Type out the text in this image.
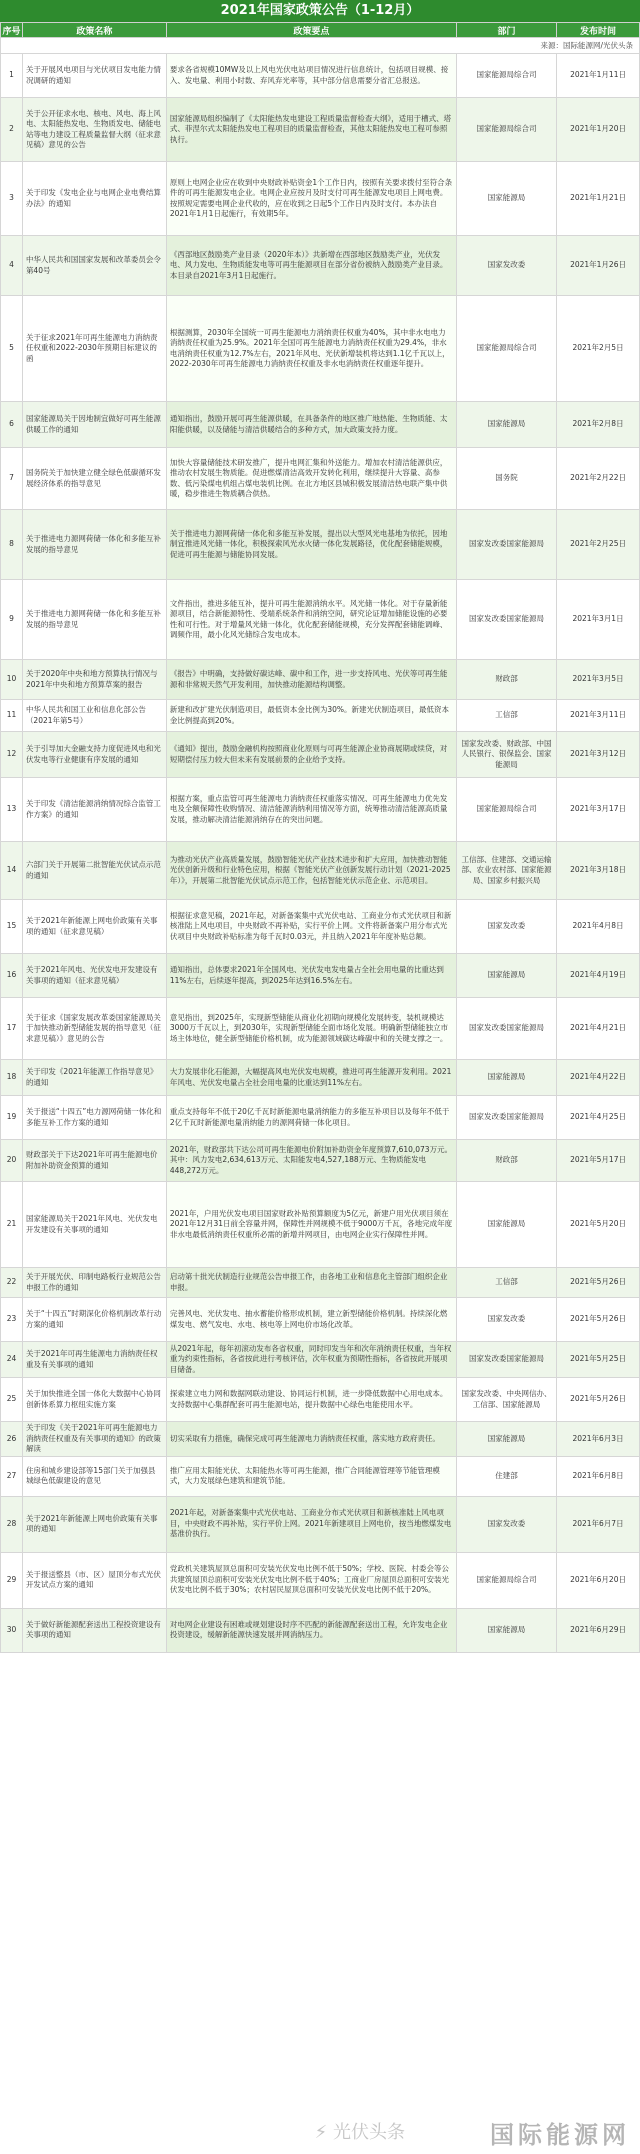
2021年国家政策公告（1-12月）
序号	政策名称	政策要点	部门	发布时间
来源：国际能源网/光伏头条				
1	关于开展风电项目与光伏项目发电能力情况调研的通知	要求各省规模10MW及以上风电光伏电站项目情况进行信息统计，包括项目规模、接入、发电量、利用小时数、弃风弃光率等，其中部分信息需要分省汇总报送。	国家能源局综合司	2021年1月11日
2	关于公开征求水电、核电、风电、海上风电、太阳能热发电、生物质发电、储能电站等电力建设工程质量监督大纲（征求意见稿）意见的公告	国家能源局组织编制了《太阳能热发电建设工程质量监督检查大纲》，适用于槽式、塔式、菲涅尔式太阳能热发电工程项目的质量监督检查，其他太阳能热发电工程可参照执行。	国家能源局综合司	2021年1月20日
3	关于印发《发电企业与电网企业电费结算办法》的通知	原则上电网企业应在收到中央财政补贴资金1个工作日内，按照有关要求拨付至符合条件的可再生能源发电企业。电网企业应按月及时支付可再生能源发电项目上网电费。按照规定需要电网企业代收的，应在收到之日起5个工作日内及时支付。本办法自2021年1月1日起施行，有效期5年。	国家能源局	2021年1月21日
4	中华人民共和国国家发展和改革委员会令第40号	《西部地区鼓励类产业目录（2020年本）》共新增在西部地区鼓励类产业，光伏发电、风力发电、生物质能发电等可再生能源项目在部分省份被纳入鼓励类产业目录。本目录自2021年3月1日起施行。	国家发改委	2021年1月26日
5	关于征求2021年可再生能源电力消纳责任权重和2022-2030年预期目标建议的函	根据测算，2030年全国统一可再生能源电力消纳责任权重为40%，其中非水电电力消纳责任权重为25.9%。2021年全国可再生能源电力消纳责任权重为29.4%，非水电消纳责任权重为12.7%左右，2021年风电、光伏新增装机将达到1.1亿千瓦以上，2022-2030年可再生能源电力消纳责任权重及非水电消纳责任权重逐年提升。	国家能源局综合司	2021年2月5日
6	国家能源局关于因地制宜做好可再生能源供暖工作的通知	通知指出，鼓励开展可再生能源供暖，在具备条件的地区推广地热能、生物质能、太阳能供暖，以及储能与清洁供暖结合的多种方式，加大政策支持力度。	国家能源局	2021年2月8日
7	国务院关于加快建立健全绿色低碳循环发展经济体系的指导意见	加快大容量储能技术研发推广，提升电网汇集和外送能力。增加农村清洁能源供应，推动农村发展生物质能。促进燃煤清洁高效开发转化利用，继续提升大容量、高参数、低污染煤电机组占煤电装机比例。在北方地区县城积极发展清洁热电联产集中供暖，稳步推进生物质耦合供热。	国务院	2021年2月22日
8	关于推进电力源网荷储一体化和多能互补发展的指导意见	关于推进电力源网荷储一体化和多能互补发展，提出以大型风光电基地为依托，因地制宜推进风光储一体化，积极探索风光水火储一体化发展路径，优化配套储能规模，促进可再生能源与储能协同发展。	国家发改委国家能源局	2021年2月25日
9	关于推进电力源网荷储一体化和多能互补发展的指导意见	文件指出，推进多能互补，提升可再生能源消纳水平。风光储一体化。对于存量新能源项目，结合新能源特性、受端系统条件和消纳空间，研究论证增加储能设施的必要性和可行性。对于增量风光储一体化，优化配套储能规模，充分发挥配套储能调峰、调频作用，最小化风光储综合发电成本。	国家发改委国家能源局	2021年3月1日
10	关于2020年中央和地方预算执行情况与2021年中央和地方预算草案的报告	《报告》中明确，支持做好碳达峰、碳中和工作，进一步支持风电、光伏等可再生能源和非常规天然气开发利用，加快推动能源结构调整。	财政部	2021年3月5日
11	中华人民共和国工业和信息化部公告（2021年第5号）	新建和改扩建光伏制造项目，最低资本金比例为30%。新建光伏制造项目，最低资本金比例提高到20%。	工信部	2021年3月11日
12	关于引导加大金融支持力度促进风电和光伏发电等行业健康有序发展的通知	《通知》提出，鼓励金融机构按照商业化原则与可再生能源企业协商展期或续贷，对短期偿付压力较大但未来有发展前景的企业给予支持。	国家发改委、财政部、中国人民银行、银保监会、国家能源局	2021年3月12日
13	关于印发《清洁能源消纳情况综合监管工作方案》的通知	根据方案，重点监管可再生能源电力消纳责任权重落实情况、可再生能源电力优先发电及全额保障性收购情况、清洁能源消纳利用情况等方面，统筹推动清洁能源高质量发展，推动解决清洁能源消纳存在的突出问题。	国家能源局综合司	2021年3月17日
14	六部门关于开展第二批智能光伏试点示范的通知	为推动光伏产业高质量发展，鼓励智能光伏产业技术进步和扩大应用，加快推动智能光伏创新升级和行业特色应用，根据《智能光伏产业创新发展行动计划（2021-2025年）》，开展第二批智能光伏试点示范工作，包括智能光伏示范企业、示范项目。	工信部、住建部、交通运输部、农业农村部、国家能源局、国家乡村振兴局	2021年3月18日
15	关于2021年新能源上网电价政策有关事项的通知（征求意见稿）	根据征求意见稿，2021年起，对新备案集中式光伏电站、工商业分布式光伏项目和新核准陆上风电项目，中央财政不再补贴，实行平价上网。文件将新备案户用分布式光伏项目中央财政补贴标准为每千瓦时0.03元，并且纳入2021年年度补贴总额。	国家发改委	2021年4月8日
16	关于2021年风电、光伏发电开发建设有关事项的通知（征求意见稿）	通知指出，总体要求2021年全国风电、光伏发电发电量占全社会用电量的比重达到11%左右，后续逐年提高，到2025年达到16.5%左右。	国家能源局	2021年4月19日
17	关于征求《国家发展改革委国家能源局关于加快推动新型储能发展的指导意见（征求意见稿）》意见的公告	意见指出，到2025年，实现新型储能从商业化初期向规模化发展转变，装机规模达3000万千瓦以上，到2030年，实现新型储能全面市场化发展。明确新型储能独立市场主体地位，健全新型储能价格机制，成为能源领域碳达峰碳中和的关键支撑之一。	国家发改委国家能源局	2021年4月21日
18	关于印发《2021年能源工作指导意见》的通知	大力发展非化石能源，大幅提高风电光伏发电规模，推进可再生能源开发利用。2021年风电、光伏发电量占全社会用电量的比重达到11%左右。	国家能源局	2021年4月22日
19	关于报送“十四五”电力源网荷储一体化和多能互补工作方案的通知	重点支持每年不低于20亿千瓦时新能源电量消纳能力的多能互补项目以及每年不低于2亿千瓦时新能源电量消纳能力的源网荷储一体化项目。	国家发改委国家能源局	2021年4月25日
20	财政部关于下达2021年可再生能源电价附加补助资金预算的通知	2021年，财政部共下达公司可再生能源电价附加补助资金年度预算7,610,073万元。其中：风力发电2,634,613万元、太阳能发电4,527,188万元、生物质能发电448,272万元。	财政部	2021年5月17日
21	国家能源局关于2021年风电、光伏发电开发建设有关事项的通知	2021年，户用光伏发电项目国家财政补贴预算额度为5亿元，新建户用光伏项目须在2021年12月31日前全容量并网，保障性并网规模不低于9000万千瓦，各地完成年度非水电最低消纳责任权重所必需的新增并网项目，由电网企业实行保障性并网。	国家能源局	2021年5月20日
22	关于开展光伏、印制电路板行业规范公告申报工作的通知	启动第十批光伏制造行业规范公告申报工作，由各地工业和信息化主管部门组织企业申报。	工信部	2021年5月26日
23	关于“十四五”时期深化价格机制改革行动方案的通知	完善风电、光伏发电、抽水蓄能价格形成机制，建立新型储能价格机制。持续深化燃煤发电、燃气发电、水电、核电等上网电价市场化改革。	国家发改委	2021年5月26日
24	关于2021年可再生能源电力消纳责任权重及有关事项的通知	从2021年起，每年初滚动发布各省权重，同时印发当年和次年消纳责任权重，当年权重为约束性指标，各省按此进行考核评估，次年权重为预期性指标，各省按此开展项目储备。	国家发改委国家能源局	2021年5月25日
25	关于加快推进全国一体化大数据中心协同创新体系算力枢纽实施方案	探索建立电力网和数据网联动建设、协同运行机制，进一步降低数据中心用电成本。支持数据中心集群配套可再生能源电站，提升数据中心绿色电能使用水平。	国家发改委、中央网信办、工信部、国家能源局	2021年5月26日
26	关于印发《关于2021年可再生能源电力消纳责任权重及有关事项的通知》的政策解读	切实采取有力措施，确保完成可再生能源电力消纳责任权重，落实地方政府责任。	国家能源局	2021年6月3日
27	住房和城乡建设部等15部门关于加强县城绿色低碳建设的意见	推广应用太阳能光伏、太阳能热水等可再生能源，推广合同能源管理等节能管理模式，大力发展绿色建筑和建筑节能。	住建部	2021年6月8日
28	关于2021年新能源上网电价政策有关事项的通知	2021年起，对新备案集中式光伏电站、工商业分布式光伏项目和新核准陆上风电项目，中央财政不再补贴，实行平价上网。2021年新建项目上网电价，按当地燃煤发电基准价执行。	国家发改委	2021年6月7日
29	关于报送整县（市、区）屋顶分布式光伏开发试点方案的通知	党政机关建筑屋顶总面积可安装光伏发电比例不低于50%；学校、医院、村委会等公共建筑屋顶总面积可安装光伏发电比例不低于40%；工商业厂房屋顶总面积可安装光伏发电比例不低于30%；农村居民屋顶总面积可安装光伏发电比例不低于20%。	国家能源局综合司	2021年6月20日
30	关于做好新能源配套送出工程投资建设有关事项的通知	对电网企业建设有困难或规划建设时序不匹配的新能源配套送出工程，允许发电企业投资建设，缓解新能源快速发展并网消纳压力。	国家能源局	2021年6月29日
⚡ 光伏头条	国际能源网
